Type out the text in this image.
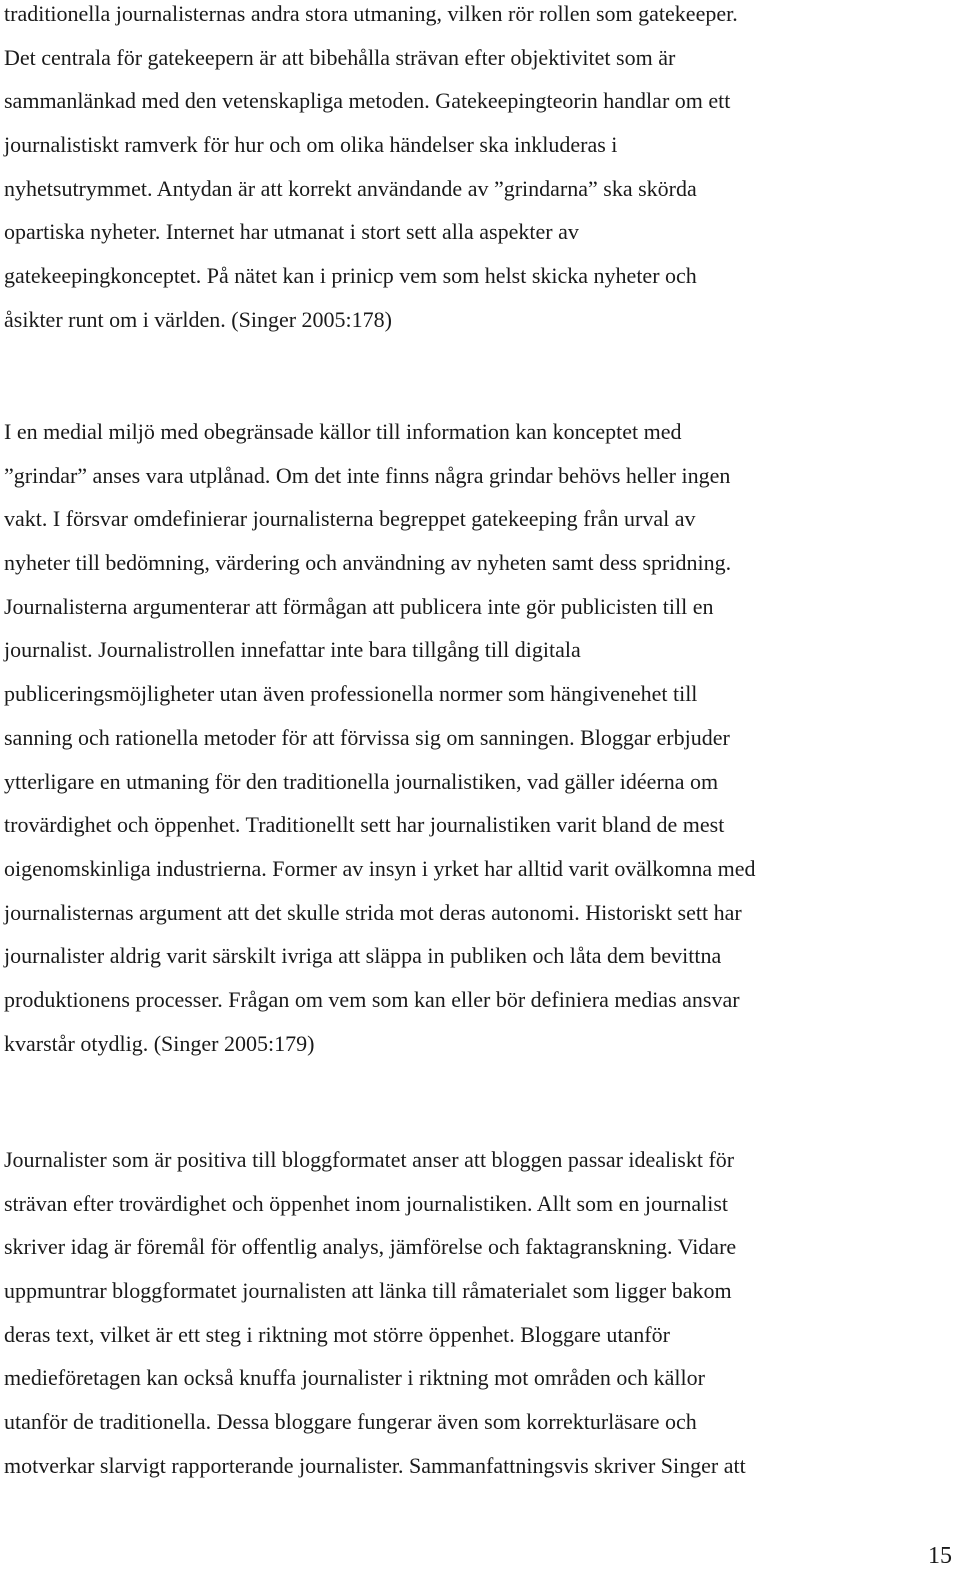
traditionella journalisternas andra stora utmaning, vilken rör rollen som gatekeeper.
Det centrala för gatekeepern är att bibehålla strävan efter objektivitet som är
sammanlänkad med den vetenskapliga metoden. Gatekeepingteorin handlar om ett
journalistiskt ramverk för hur och om olika händelser ska inkluderas i
nyhetsutrymmet. Antydan är att korrekt användande av ”grindarna” ska skörda
opartiska nyheter. Internet har utmanat i stort sett alla aspekter av
gatekeepingkonceptet. På nätet kan i prinicp vem som helst skicka nyheter och
åsikter runt om i världen. (Singer 2005:178)
I en medial miljö med obegränsade källor till information kan konceptet med
”grindar” anses vara utplånad. Om det inte finns några grindar behövs heller ingen
vakt. I försvar omdefinierar journalisterna begreppet gatekeeping från urval av
nyheter till bedömning, värdering och användning av nyheten samt dess spridning.
Journalisterna argumenterar att förmågan att publicera inte gör publicisten till en
journalist. Journalistrollen innefattar inte bara tillgång till digitala
publiceringsmöjligheter utan även professionella normer som hängivenehet till
sanning och rationella metoder för att förvissa sig om sanningen. Bloggar erbjuder
ytterligare en utmaning för den traditionella journalistiken, vad gäller idéerna om
trovärdighet och öppenhet. Traditionellt sett har journalistiken varit bland de mest
oigenomskinliga industrierna. Former av insyn i yrket har alltid varit ovälkomna med
journalisternas argument att det skulle strida mot deras autonomi. Historiskt sett har
journalister aldrig varit särskilt ivriga att släppa in publiken och låta dem bevittna
produktionens processer. Frågan om vem som kan eller bör definiera medias ansvar
kvarstår otydlig. (Singer 2005:179)
Journalister som är positiva till bloggformatet anser att bloggen passar idealiskt för
strävan efter trovärdighet och öppenhet inom journalistiken. Allt som en journalist
skriver idag är föremål för offentlig analys, jämförelse och faktagranskning. Vidare
uppmuntrar bloggformatet journalisten att länka till råmaterialet som ligger bakom
deras text, vilket är ett steg i riktning mot större öppenhet. Bloggare utanför
medieföretagen kan också knuffa journalister i riktning mot områden och källor
utanför de traditionella. Dessa bloggare fungerar även som korrekturläsare och
motverkar slarvigt rapporterande journalister. Sammanfattningsvis skriver Singer att
15
